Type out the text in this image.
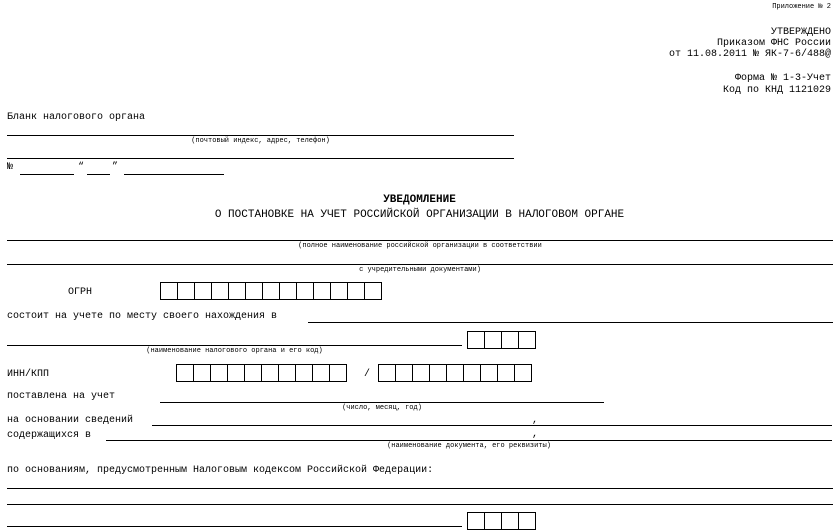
Приложение № 2
УТВЕРЖДЕНО
Приказом ФНС России
от 11.08.2011 № ЯК-7-6/488@
Форма № 1-3-Учет
Код по КНД 1121029
Бланк налогового органа
(почтовый индекс, адрес, телефон)
№	“	”
УВЕДОМЛЕНИЕ
О ПОСТАНОВКЕ НА УЧЕТ РОССИЙСКОЙ ОРГАНИЗАЦИИ В НАЛОГОВОМ ОРГАНЕ
(полное наименование российской организации в соответствии
с учредительными документами)
ОГРН
состоит на учете по месту своего нахождения в
(наименование налогового органа и его код)
ИНН/КПП	/
поставлена на учет
(число, месяц, год)
на основании сведений	,
содержащихся в	,
(наименование документа, его реквизиты)
по основаниям, предусмотренным Налоговым кодексом Российской Федерации:
